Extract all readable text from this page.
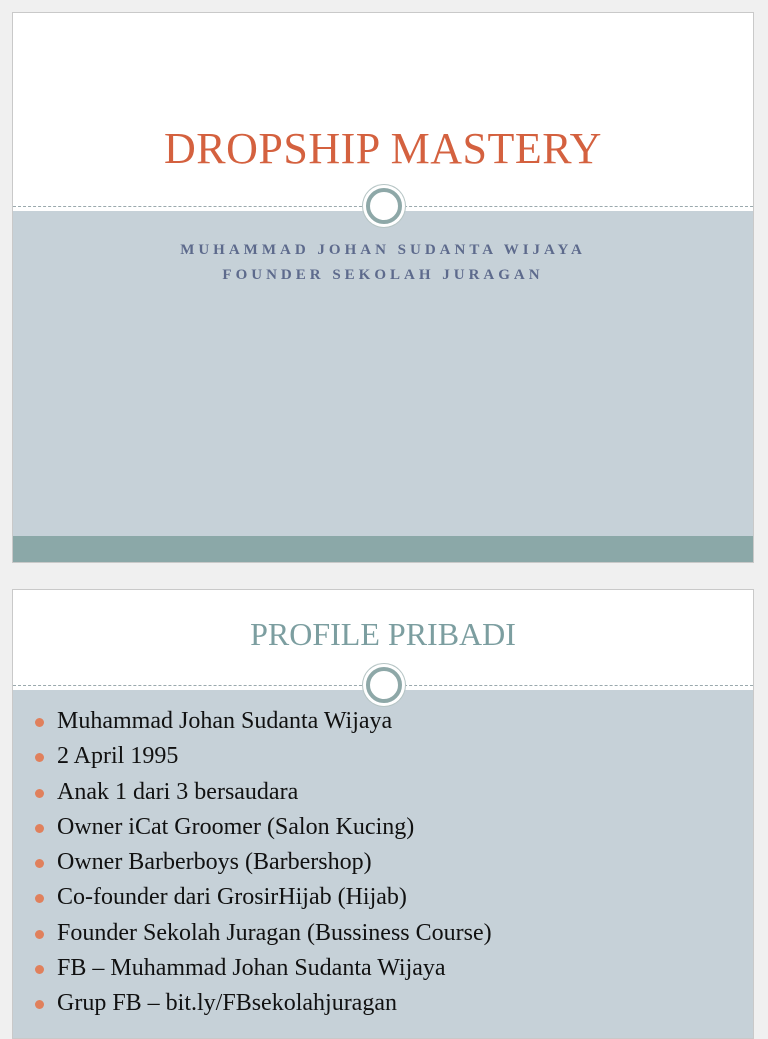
DROPSHIP MASTERY
MUHAMMAD JOHAN SUDANTA WIJAYA
FOUNDER SEKOLAH JURAGAN
PROFILE PRIBADI
Muhammad Johan Sudanta Wijaya
2 April 1995
Anak 1 dari 3 bersaudara
Owner iCat Groomer (Salon Kucing)
Owner Barberboys (Barbershop)
Co-founder dari GrosirHijab (Hijab)
Founder Sekolah Juragan (Bussiness Course)
FB – Muhammad Johan Sudanta Wijaya
Grup FB – bit.ly/FBsekolahjuragan
